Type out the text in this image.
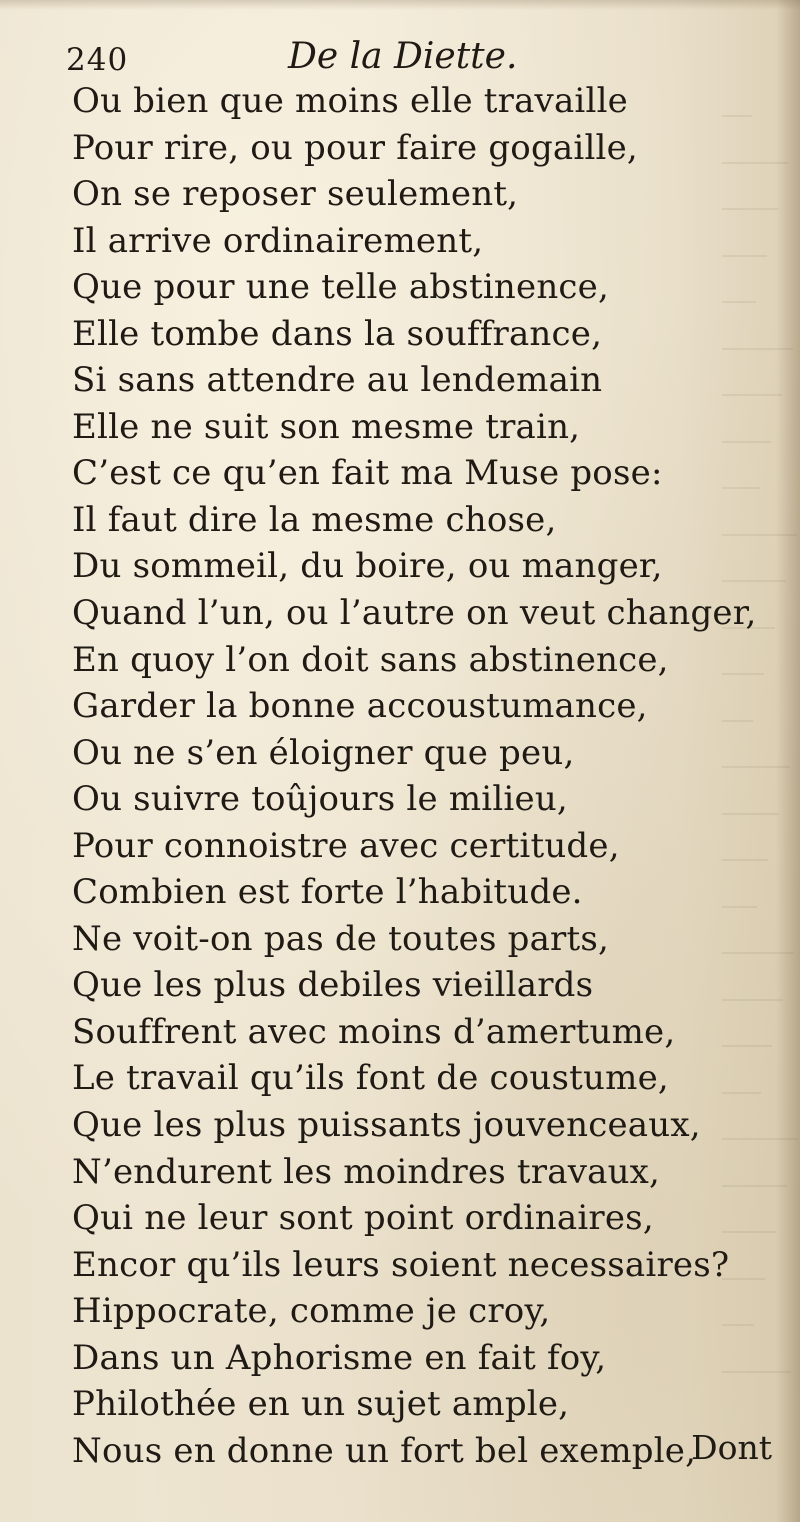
240	De la Diette.
Ou bien que moins elle travaille
Pour rire, ou pour faire gogaille,
On se reposer seulement,
Il arrive ordinairement,
Que pour une telle abstinence,
Elle tombe dans la souffrance,
Si sans attendre au lendemain
Elle ne suit son mesme train,
C’est ce qu’en fait ma Muse pose:
Il faut dire la mesme chose,
Du sommeil, du boire, ou manger,
Quand l’un, ou l’autre on veut changer,
En quoy l’on doit sans abstinence,
Garder la bonne accoustumance,
Ou ne s’en éloigner que peu,
Ou suivre toûjours le milieu,
Pour connoistre avec certitude,
Combien est forte l’habitude.
Ne voit-on pas de toutes parts,
Que les plus debiles vieillards
Souffrent avec moins d’amertume,
Le travail qu’ils font de coustume,
Que les plus puissants jouvenceaux,
N’endurent les moindres travaux,
Qui ne leur sont point ordinaires,
Encor qu’ils leurs soient necessaires?
Hippocrate, comme je croy,
Dans un Aphorisme en fait foy,
Philothée en un sujet ample,
Nous en donne un fort bel exemple,
Dont
